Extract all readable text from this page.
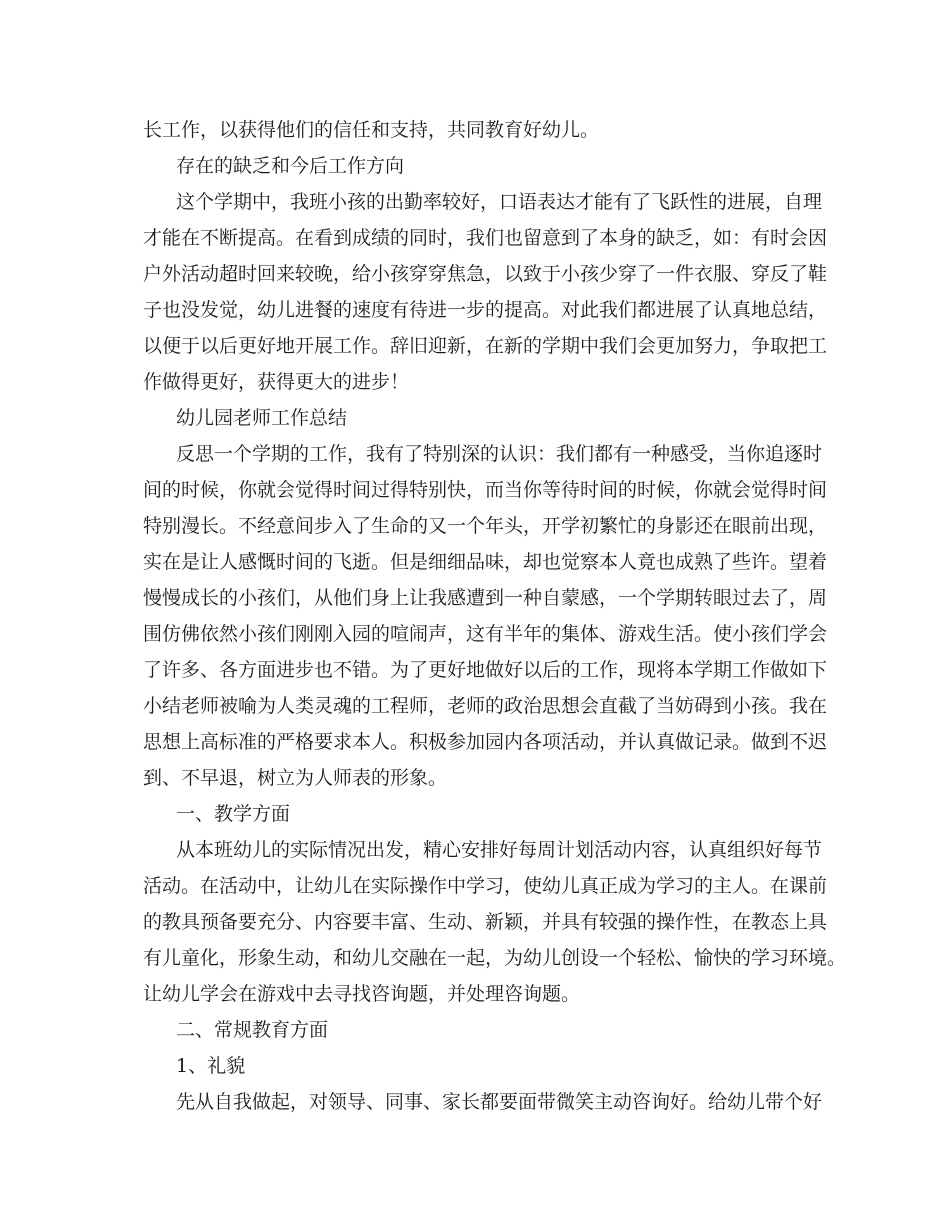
长工作，以获得他们的信任和支持，共同教育好幼儿。
存在的缺乏和今后工作方向
这个学期中，我班小孩的出勤率较好，口语表达才能有了飞跃性的进展，自理
才能在不断提高。在看到成绩的同时，我们也留意到了本身的缺乏，如：有时会因
户外活动超时回来较晚，给小孩穿穿焦急，以致于小孩少穿了一件衣服、穿反了鞋
子也没发觉，幼儿进餐的速度有待进一步的提高。对此我们都进展了认真地总结，
以便于以后更好地开展工作。辞旧迎新，在新的学期中我们会更加努力，争取把工
作做得更好，获得更大的进步！
幼儿园老师工作总结
反思一个学期的工作，我有了特别深的认识：我们都有一种感受，当你追逐时
间的时候，你就会觉得时间过得特别快，而当你等待时间的时候，你就会觉得时间
特别漫长。不经意间步入了生命的又一个年头，开学初繁忙的身影还在眼前出现，
实在是让人感慨时间的飞逝。但是细细品味，却也觉察本人竟也成熟了些许。望着
慢慢成长的小孩们，从他们身上让我感遭到一种自蒙感，一个学期转眼过去了，周
围仿佛依然小孩们刚刚入园的喧闹声，这有半年的集体、游戏生活。使小孩们学会
了许多、各方面进步也不错。为了更好地做好以后的工作，现将本学期工作做如下
小结老师被喻为人类灵魂的工程师，老师的政治思想会直截了当妨碍到小孩。我在
思想上高标准的严格要求本人。积极参加园内各项活动，并认真做记录。做到不迟
到、不早退，树立为人师表的形象。
一、教学方面
从本班幼儿的实际情况出发，精心安排好每周计划活动内容，认真组织好每节
活动。在活动中，让幼儿在实际操作中学习，使幼儿真正成为学习的主人。在课前
的教具预备要充分、内容要丰富、生动、新颖，并具有较强的操作性，在教态上具
有儿童化，形象生动，和幼儿交融在一起，为幼儿创设一个轻松、愉快的学习环境。
让幼儿学会在游戏中去寻找咨询题，并处理咨询题。
二、常规教育方面
1、礼貌
先从自我做起，对领导、同事、家长都要面带微笑主动咨询好。给幼儿带个好
